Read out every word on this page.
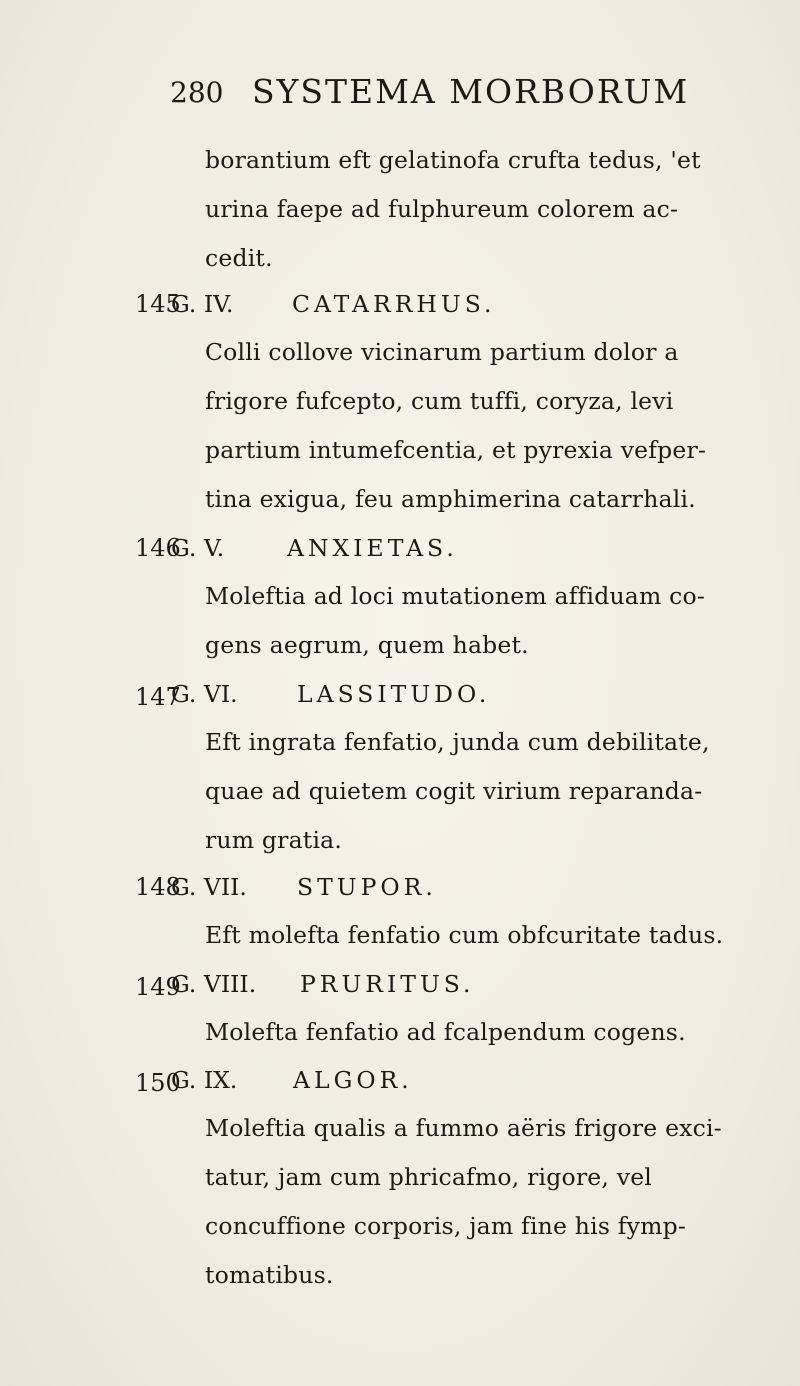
280 SYSTEMA MORBORUM
borantium eft gelatinofa crufta tedus, 'et
urina faepe ad fulphureum colorem ac-
cedit.
145
G. IV. CATARRHUS.
Colli collove vicinarum partium dolor a
frigore fufcepto, cum tuffi, coryza, levi
partium intumefcentia, et pyrexia vefper-
tina exigua, feu amphimerina catarrhali.
146
G. V.	ANXIETAS.
Moleftia ad loci mutationem affiduam co-
gens aegrum, quem habet.
147
G. VI.	LASSITUDO.
Eft ingrata fenfatio, junda cum debilitate,
quae ad quietem cogit virium reparanda-
rum gratia.
148
G. VII. STUPOR.
Eft molefta fenfatio cum obfcuritate tadus.
149
G. VIII. PRURITUS.
Molefta fenfatio ad fcalpendum cogens.
150
G. IX. ALGOR.
Moleftia qualis a fummo aëris frigore exci-
tatur, jam cum phricafmo, rigore, vel
concuffione corporis, jam fine his fymp-
tomatibus.
